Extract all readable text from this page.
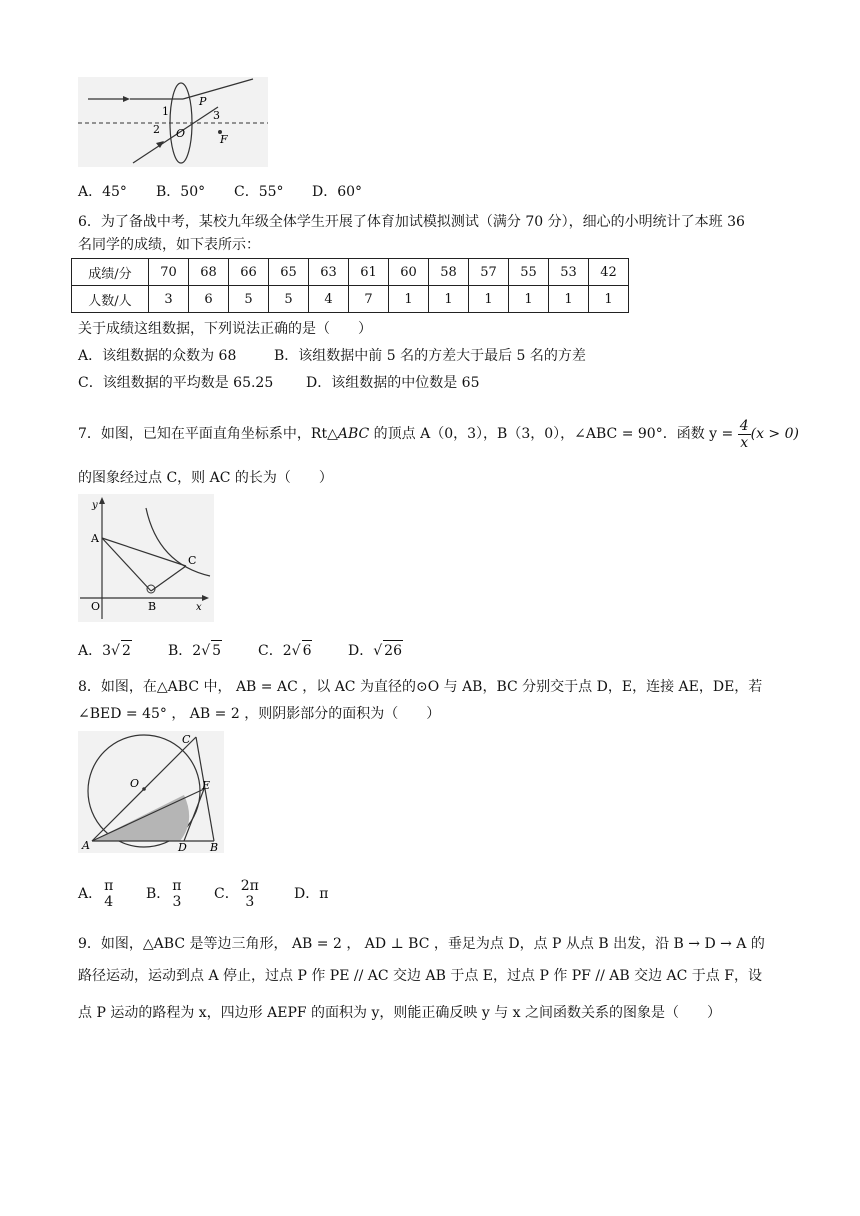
1
2
P
3
O	F
A．45° B．50° C．55° D．60°
6．为了备战中考，某校九年级全体学生开展了体育加试模拟测试（满分 70 分），细心的小明统计了本班 36
名同学的成绩，如下表所示：
成绩/分	70	68	66	65	63	61	60	58	57	55	53	42
人数/人	3	6	5	5	4	7	1	1	1	1	1	1
关于成绩这组数据，下列说法正确的是（　　）
A．该组数据的众数为 68	B．该组数据中前 5 名的方差大于最后 5 名的方差
C．该组数据的平均数是 65.25 D．该组数据的中位数是 65
7．如图，已知在平面直角坐标系中，Rt△ABC 的顶点 A（0，3），B（3，0），∠ABC = 90°．函数 $y = \frac{4}{x} (x > 0)$
的图象经过点 C，则 AC 的长为（　　）
y
A
C
O	B	x
A．3√ 2	B．2√ 5	C．2√ 6	D．√ 26
8．如图，在△ABC 中， AB = AC ，以 AC 为直径的⊙O 与 AB，BC 分别交于点 D，E，连接 AE，DE，若
∠BED = 45° ， AB = 2 ，则阴影部分的面积为（　　）
C
O	E
A	D B
A． π
4 B． π
3 C． 2π
3	D．π
9．如图，△ABC 是等边三角形， AB = 2 ， AD ⊥ BC ，垂足为点 D，点 P 从点 B 出发，沿 B → D → A 的
路径运动，运动到点 A 停止，过点 P 作 PE // AC 交边 AB 于点 E，过点 P 作 PF // AB 交边 AC 于点 F，设
点 P 运动的路程为 x，四边形 AEPF 的面积为 y，则能正确反映 y 与 x 之间函数关系的图象是（　　）
